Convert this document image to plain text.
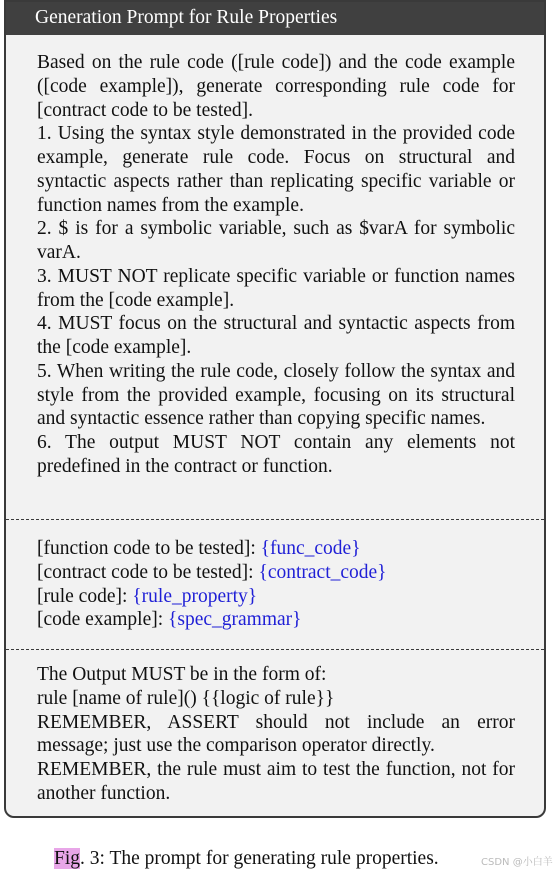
Generation Prompt for Rule Properties

Based on the rule code ([rule code]) and the code example ([code example]), generate corresponding rule code for [contract code to be tested].

1. Using the syntax style demonstrated in the provided code example, generate rule code. Focus on structural and syntactic aspects rather than replicating specific variable or function names from the example.

2. $ is for a symbolic variable, such as $varA for symbolic varA.

3. MUST NOT replicate specific variable or function names from the [code example].

4. MUST focus on the structural and syntactic aspects from the [code example].

5. When writing the rule code, closely follow the syntax and style from the provided example, focusing on its structural and syntactic essence rather than copying specific names.

6. The output MUST NOT contain any elements not predefined in the contract or function.

[function code to be tested]: {func_code}

[contract code to be tested]: {contract_code}

[rule code]: {rule_property}

[code example]: {spec_grammar}

The Output MUST be in the form of:

rule [name of rule]() {{logic of rule}}

REMEMBER, ASSERT should not include an error message; just use the comparison operator directly.

REMEMBER, the rule must aim to test the function, not for another function.

Fig. 3: The prompt for generating rule properties.	CSDN @小白羊
